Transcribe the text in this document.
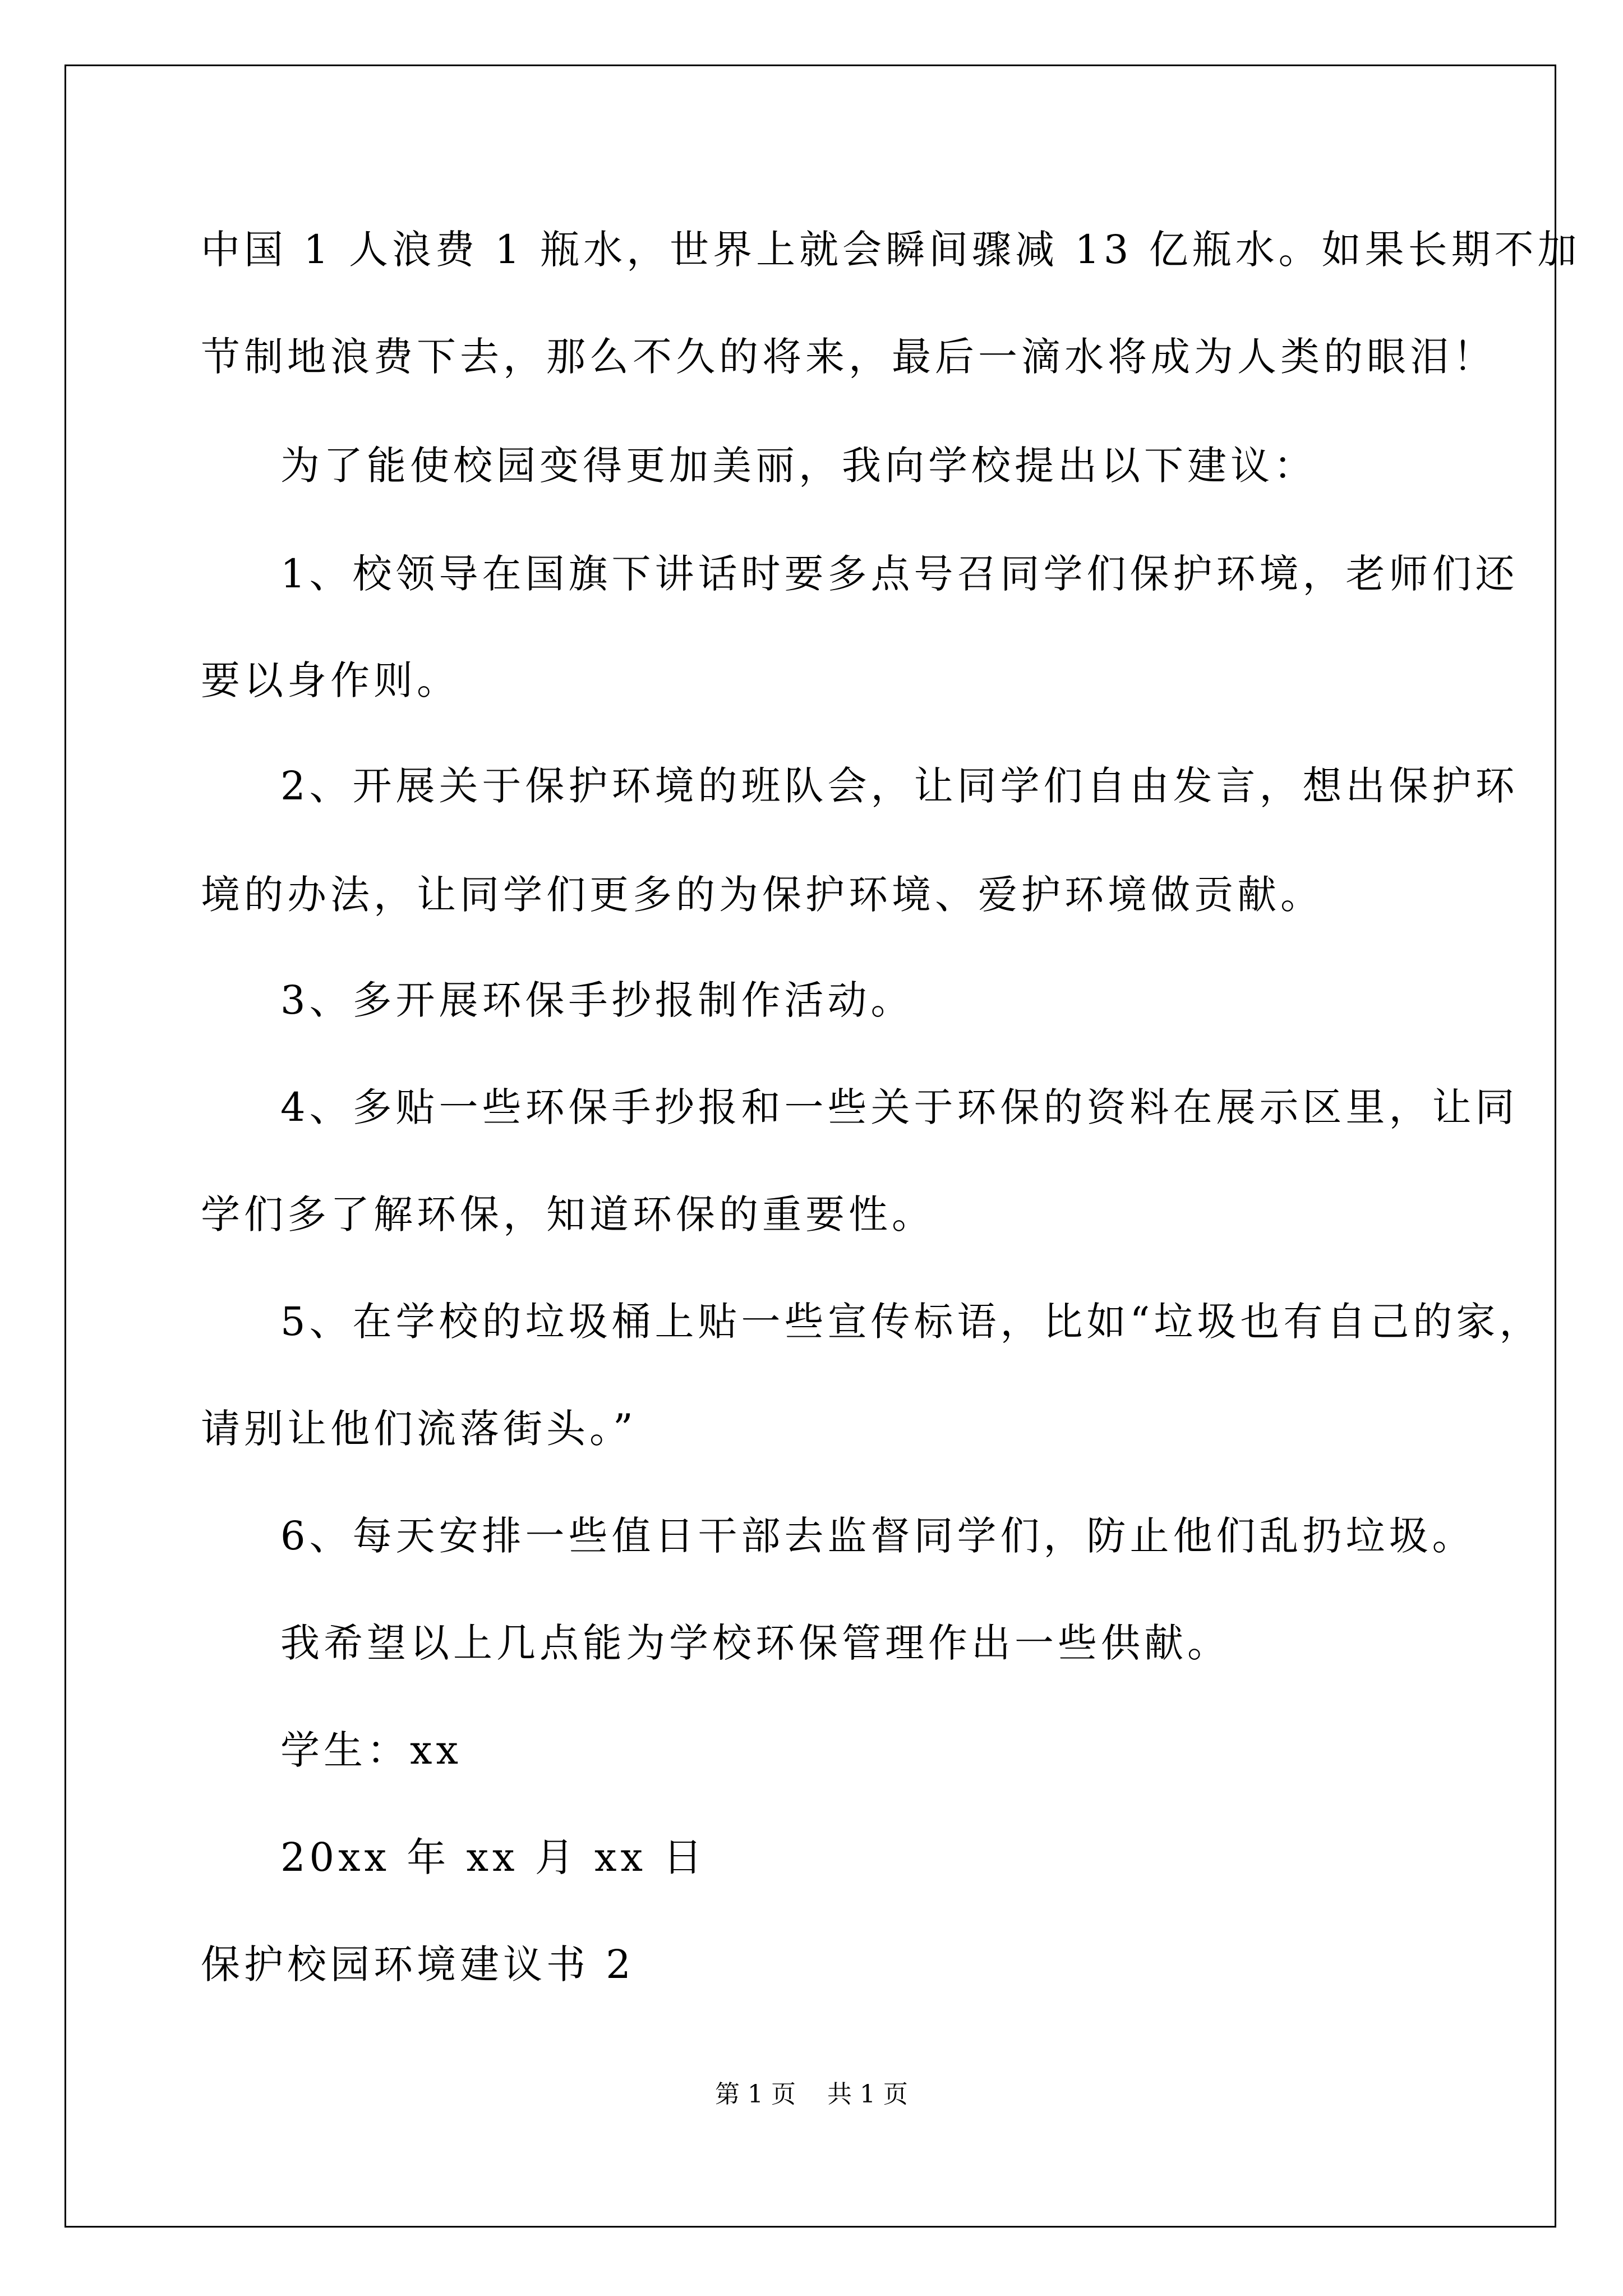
中国 1 人浪费 1 瓶水，世界上就会瞬间骤减 13 亿瓶水。如果长期不加
节制地浪费下去，那么不久的将来，最后一滴水将成为人类的眼泪！
为了能使校园变得更加美丽，我向学校提出以下建议：
1、校领导在国旗下讲话时要多点号召同学们保护环境，老师们还
要以身作则。
2、开展关于保护环境的班队会，让同学们自由发言，想出保护环
境的办法，让同学们更多的为保护环境、爱护环境做贡献。
3、多开展环保手抄报制作活动。
4、多贴一些环保手抄报和一些关于环保的资料在展示区里，让同
学们多了解环保，知道环保的重要性。
5、在学校的垃圾桶上贴一些宣传标语，比如“垃圾也有自己的家，
请别让他们流落街头。”
6、每天安排一些值日干部去监督同学们，防止他们乱扔垃圾。
我希望以上几点能为学校环保管理作出一些供献。
学生：xx
20xx 年 xx 月 xx 日
保护校园环境建议书 2
第 1 页    共 1 页
